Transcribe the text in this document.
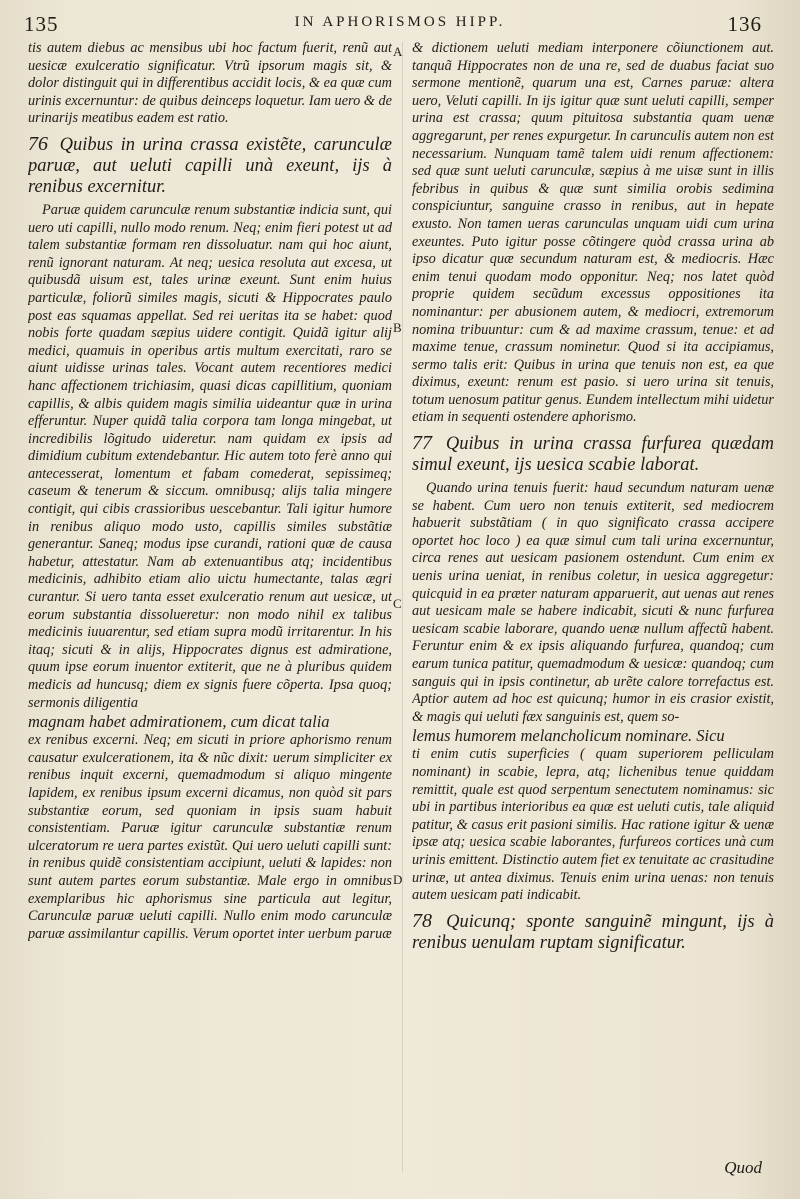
135	IN APHORISMOS HIPP.	136
A
B
C
D

tis autem diebus ac mensibus ubi hoc factum fuerit, renũ aut uesicæ exulceratio significatur. Vtrũ ipsorum magis sit, & dolor distinguit qui in differentibus accidit locis, & ea quæ cum urinis excernuntur: de quibus deinceps loquetur. Iam uero & de urinarijs meatibus eadem est ratio.

76 Quibus in urina crassa existẽte, carunculæ paruæ, aut ueluti capilli unà exeunt, ijs à renibus excernitur.

Paruæ quidem carunculæ renum substantiæ indicia sunt, qui uero uti capilli, nullo modo renum. Neq; enim fieri potest ut ad talem substantiæ formam ren dissoluatur. nam qui hoc aiunt, renũ ignorant naturam. At neq; uesica resoluta aut excesa, ut quibusdã uisum est, tales urinæ exeunt. Sunt enim huius particulæ, foliorũ similes magis, sicuti & Hippocrates paulo post eas squamas appellat. Sed rei ueritas ita se habet: quod nobis forte quadam sæpius uidere contigit. Quidã igitur alij medici, quamuis in operibus artis multum exercitati, raro se aiunt uidisse urinas tales. Vocant autem recentiores medici hanc affectionem trichiasim, quasi dicas capillitium, quoniam capillis, & albis quidem magis similia uideantur quæ in urina efferuntur. Nuper quidã talia corpora tam longa mingebat, ut incredibilis lõgitudo uideretur. nam quidam ex ipsis ad dimidium cubitum extendebantur. Hic autem toto ferè anno qui antecesserat, lomentum et fabam comederat, sepissimeq; caseum & tenerum & siccum. omnibusq; alijs talia mingere contigit, qui cibis crassioribus uescebantur. Tali igitur humore in renibus aliquo modo usto, capillis similes substãtiæ generantur. Saneq; modus ipse curandi, rationi quæ de causa habetur, attestatur. Nam ab extenuantibus atq; incidentibus medicinis, adhibito etiam alio uictu humectante, talas ægri curantur. Si uero tanta esset exulceratio renum aut uesicæ, ut eorum substantia dissolueretur: non modo nihil ex talibus medicinis iuuarentur, sed etiam supra modũ irritarentur. In his itaq; sicuti & in alijs, Hippocrates dignus est admiratione, quum ipse eorum inuentor extiterit, que ne à pluribus quidem medicis ad huncusq; diem ex signis fuere cõperta. Ipsa quoq; sermonis diligentia

magnam habet admirationem, cum dicat talia

ex renibus excerni. Neq; em sicuti in priore aphorismo renum causatur exulcerationem, ita & nũc dixit: uerum simpliciter ex renibus inquit excerni, quemadmodum si aliquo mingente lapidem, ex renibus ipsum excerni dicamus, non quòd sit pars substantiæ eorum, sed quoniam in ipsis suam habuit consistentiam. Paruæ igitur carunculæ substantiæ renum ulceratorum re uera partes existũt. Qui uero ueluti capilli sunt: in renibus quidẽ consistentiam accipiunt, ueluti & lapides: non sunt autem partes eorum substantiæ. Male ergo in omnibus exemplaribus hic aphorismus sine particula aut legitur, Carunculæ paruæ ueluti capilli. Nullo enim modo carunculæ paruæ assimilantur capillis. Verum oportet inter uerbum paruæ

& dictionem ueluti mediam interponere cõiunctionem aut. tanquã Hippocrates non de una re, sed de duabus faciat suo sermone mentionẽ, quarum una est, Carnes paruæ: altera uero, Veluti capilli. In ijs igitur quæ sunt ueluti capilli, semper urina est crassa; quum pituitosa substantia quam uenæ aggregarunt, per renes expurgetur. In carunculis autem non est necessarium. Nunquam tamẽ talem uidi renum affectionem: sed quæ sunt ueluti carunculæ, sæpius à me uisæ sunt in illis febribus in quibus & quæ sunt similia orobis sedimina conspiciuntur, sanguine crasso in renibus, aut in hepate exusto. Non tamen ueras carunculas unquam uidi cum urina exeuntes. Puto igitur posse cõtingere quòd crassa urina ab ipso dicatur quæ secundum naturam est, & mediocris. Hæc enim tenui quodam modo opponitur. Neq; nos latet quòd proprie quidem secũdum excessus oppositiones ita nominantur: per abusionem autem, & mediocri, extremorum nomina tribuuntur: cum & ad maxime crassum, tenue: et ad maxime tenue, crassum nominetur. Quod si ita accipiamus, sermo talis erit: Quibus in urina que tenuis non est, ea que diximus, exeunt: renum est pasio. si uero urina sit tenuis, totum uenosum patitur genus. Eundem intellectum mihi uidetur etiam in sequenti ostendere aphorismo.

77 Quibus in urina crassa furfurea quædam simul exeunt, ijs uesica scabie laborat.

Quando urina tenuis fuerit: haud secundum naturam uenæ se habent. Cum uero non tenuis extiterit, sed mediocrem habuerit substãtiam ( in quo significato crassa accipere oportet hoc loco ) ea quæ simul cum tali urina excernuntur, circa renes aut uesicam pasionem ostendunt. Cum enim ex uenis urina ueniat, in renibus coletur, in uesica aggregetur: quicquid in ea præter naturam apparuerit, aut uenas aut renes aut uesicam male se habere indicabit, sicuti & nunc furfurea uesicam scabie laborare, quando uenæ nullum affectũ habent. Feruntur enim & ex ipsis aliquando furfurea, quandoq; cum earum tunica patitur, quemadmodum & uesicæ: quandoq; cum sanguis qui in ipsis continetur, ab urẽte calore torrefactus est. Aptior autem ad hoc est quicunq; humor in eis crasior existit, & magis qui ueluti fæx sanguinis est, quem so-

lemus humorem melancholicum nominare. Sicu

ti enim cutis superficies ( quam superiorem pelliculam nominant) in scabie, lepra, atq; lichenibus tenue quiddam remittit, quale est quod serpentum senectutem nominamus: sic ubi in partibus interioribus ea quæ est ueluti cutis, tale aliquid patitur, & casus erit pasioni similis. Hac ratione igitur & uenæ ipsæ atq; uesica scabie laborantes, furfureos cortices unà cum urinis emittent. Distinctio autem fiet ex tenuitate ac crasitudine urinæ, ut antea diximus. Tenuis enim urina uenas: non tenuis autem uesicam pati indicabit.

78 Quicunq; sponte sanguinẽ mingunt, ijs à renibus uenulam ruptam significatur.

Quod
